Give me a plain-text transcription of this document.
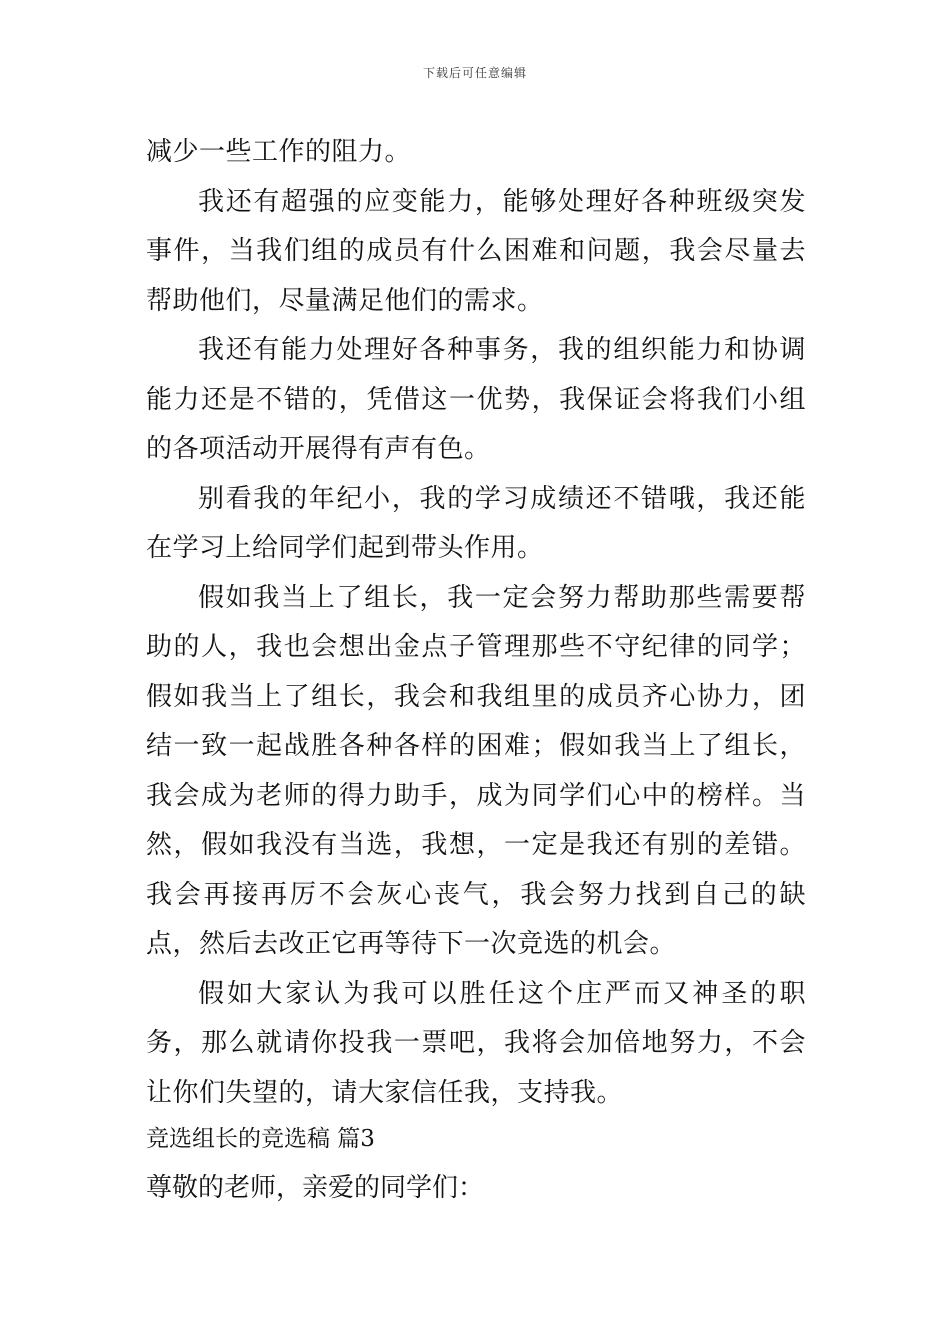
下载后可任意编辑

减少一些工作的阻力。

我还有超强的应变能力，能够处理好各种班级突发事件，当我们组的成员有什么困难和问题，我会尽量去帮助他们，尽量满足他们的需求。

我还有能力处理好各种事务，我的组织能力和协调能力还是不错的，凭借这一优势，我保证会将我们小组的各项活动开展得有声有色。

别看我的年纪小，我的学习成绩还不错哦，我还能在学习上给同学们起到带头作用。

假如我当上了组长，我一定会努力帮助那些需要帮助的人，我也会想出金点子管理那些不守纪律的同学；假如我当上了组长，我会和我组里的成员齐心协力，团结一致一起战胜各种各样的困难；假如我当上了组长，我会成为老师的得力助手，成为同学们心中的榜样。当然，假如我没有当选，我想，一定是我还有别的差错。我会再接再厉不会灰心丧气，我会努力找到自己的缺点，然后去改正它再等待下一次竞选的机会。

假如大家认为我可以胜任这个庄严而又神圣的职务，那么就请你投我一票吧，我将会加倍地努力，不会让你们失望的，请大家信任我，支持我。

竞选组长的竞选稿 篇3

尊敬的老师，亲爱的同学们：
